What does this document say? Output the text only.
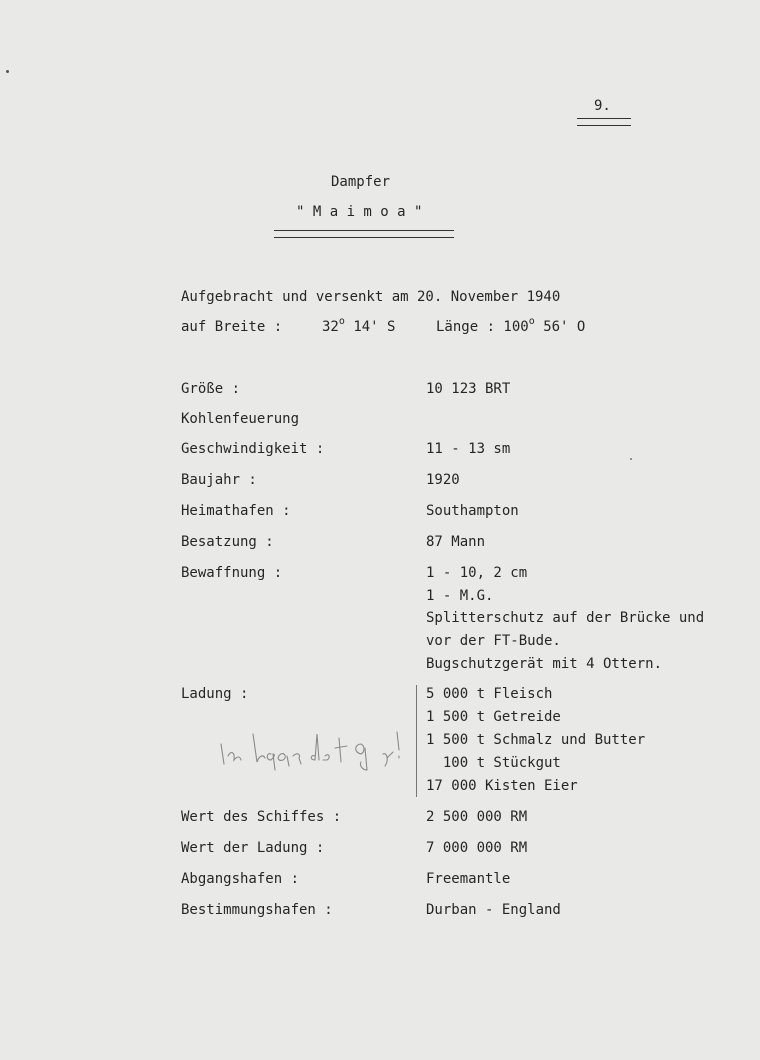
9.
Dampfer
" M a i m o a "
Aufgebracht und versenkt am 20. November 1940
auf Breite :	32$^o$ 14' S	Länge : 100$^o$ 56' O
Größe :	10 123 BRT
Kohlenfeuerung
Geschwindigkeit :	11 - 13 sm
Baujahr :	1920
Heimathafen :	Southampton
Besatzung :	87 Mann
Bewaffnung :	1 - 10, 2 cm
1 - M.G.
Splitterschutz auf der Brücke und
vor der FT-Bude.
Bugschutzgerät mit 4 Ottern.
Ladung :	5 000 t Fleisch
1 500 t Getreide
1 500 t Schmalz und Butter
100 t Stückgut
17 000 Kisten Eier
In Lager der Prof.
Wert des Schiffes :	2 500 000 RM
Wert der Ladung :	7 000 000 RM
Abgangshafen :	Freemantle
Bestimmungshafen :	Durban - England
